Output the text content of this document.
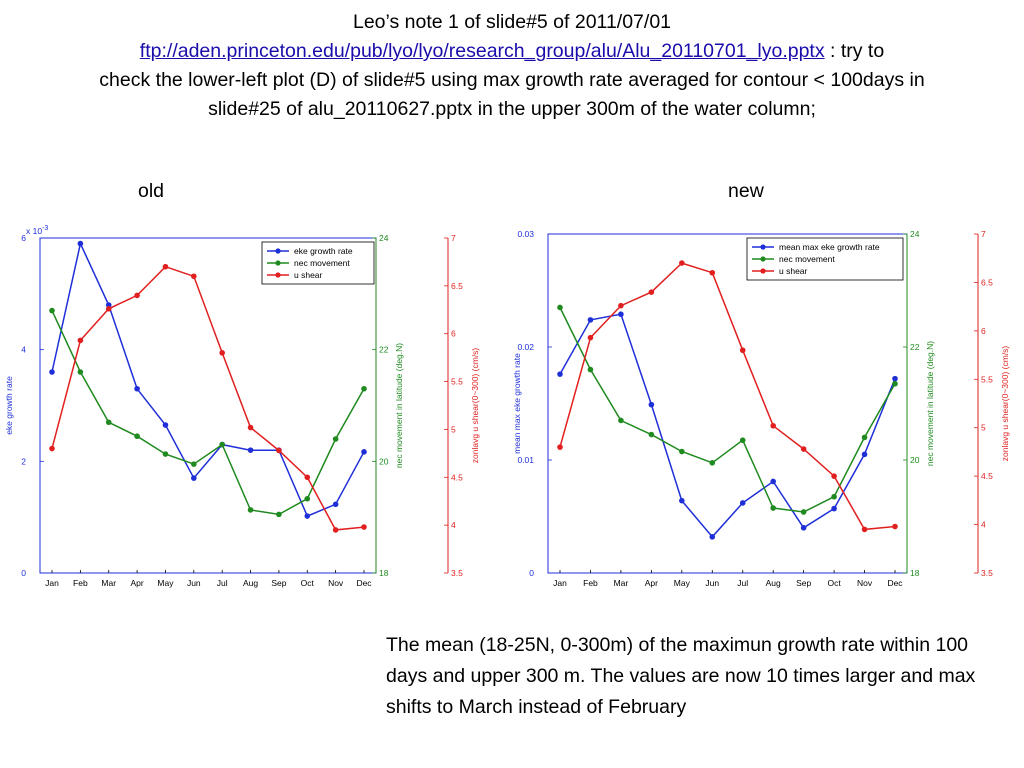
Leo’s note 1 of slide#5 of 2011/07/01
ftp://aden.princeton.edu/pub/lyo/lyo/research_group/alu/Alu_20110701_lyo.pptx : try to
check the lower-left plot (D) of slide#5 using max growth rate averaged for contour < 100days in
slide#25 of alu_20110627.pptx in the upper 300m of the water column;
old	new
Jan Feb Mar Apr May Jun Jul Aug Sep Oct Nov Dec
0
2
4
6
x $10^{-3}$
eke growth rate
18
20
22
24
nec movement in latitude (deg.N)
3.5
4
4.5
5
5.5
6
6.5
7
zonlavg u shear(0~300) (cm/s)
eke growth rate
nec movement
u shear
Jan Feb Mar Apr May Jun Jul Aug Sep Oct Nov Dec
0
0.01
0.02
0.03
mean max eke growth rate
18
20
22
24
nec movement in latitude (deg.N)
3.5
4
4.5
5
5.5
6
6.5
7
zonlavg u shear(0~300) (cm/s)
mean max eke growth rate
nec movement
u shear
The mean (18-25N, 0-300m) of the maximun growth rate within 100 days and upper 300 m. The values are now 10 times larger and max shifts to March instead of February
